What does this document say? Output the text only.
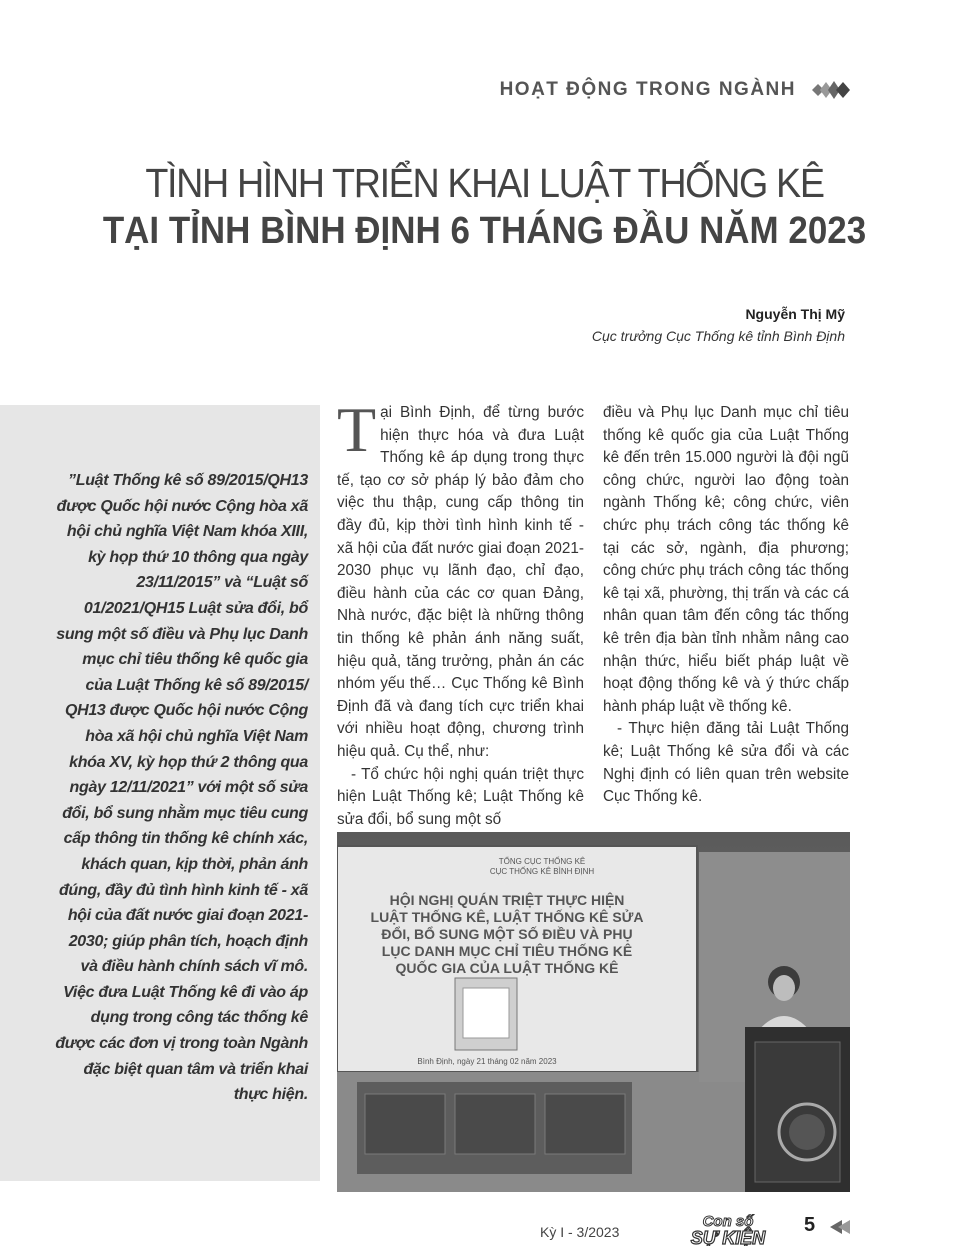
HOẠT ĐỘNG TRONG NGÀNH
TÌNH HÌNH TRIỂN KHAI LUẬT THỐNG KÊ
TẠI TỈNH BÌNH ĐỊNH 6 THÁNG ĐẦU NĂM 2023
Nguyễn Thị Mỹ
Cục trưởng Cục Thống kê tỉnh Bình Định
”Luật Thống kê số 89/2015/QH13 được Quốc hội nước Cộng hòa xã hội chủ nghĩa Việt Nam khóa XIII, kỳ họp thứ 10 thông qua ngày 23/11/2015” và “Luật số 01/2021/QH15 Luật sửa đổi, bổ sung một số điều và Phụ lục Danh mục chỉ tiêu thống kê quốc gia của Luật Thống kê số 89/2015/ QH13 được Quốc hội nước Cộng hòa xã hội chủ nghĩa Việt Nam khóa XV, kỳ họp thứ 2 thông qua ngày 12/11/2021” với một số sửa đổi, bổ sung nhằm mục tiêu cung cấp thông tin thống kê chính xác, khách quan, kịp thời, phản ánh đúng, đầy đủ tình hình kinh tế - xã hội của đất nước giai đoạn 2021-2030; giúp phân tích, hoạch định và điều hành chính sách vĩ mô. Việc đưa Luật Thống kê đi vào áp dụng trong công tác thống kê được các đơn vị trong toàn Ngành đặc biệt quan tâm và triển khai thực hiện.

Tại Bình Định, để từng bước hiện thực hóa và đưa Luật Thống kê áp dụng trong thực tế, tạo cơ sở pháp lý bảo đảm cho việc thu thập, cung cấp thông tin đầy đủ, kịp thời tình hình kinh tế - xã hội của đất nước giai đoạn 2021-2030 phục vụ lãnh đạo, chỉ đạo, điều hành của các cơ quan Đảng, Nhà nước, đặc biệt là những thông tin thống kê phản ánh năng suất, hiệu quả, tăng trưởng, phản án các nhóm yếu thế… Cục Thống kê Bình Định đã và đang tích cực triển khai với nhiều hoạt động, chương trình hiệu quả. Cụ thể, như:

- Tổ chức hội nghị quán triệt thực hiện Luật Thống kê; Luật Thống kê sửa đổi, bổ sung một số

điều và Phụ lục Danh mục chỉ tiêu thống kê quốc gia của Luật Thống kê đến trên 15.000 người là đội ngũ công chức, người lao động toàn ngành Thống kê; công chức, viên chức phụ trách công tác thống kê tại các sở, ngành, địa phương; công chức phụ trách công tác thống kê tại xã, phường, thị trấn và các cá nhân quan tâm đến công tác thống kê trên địa bàn tỉnh nhằm nâng cao nhận thức, hiểu biết pháp luật về hoạt động thống kê và ý thức chấp hành pháp luật về thống kê.

- Thực hiện đăng tải Luật Thống kê; Luật Thống kê sửa đổi và các Nghị định có liên quan trên website Cục Thống kê.

TỔNG CỤC THỐNG KÊ
CỤC THỐNG KÊ BÌNH ĐỊNH
HỘI NGHỊ QUÁN TRIỆT THỰC HIỆN
LUẬT THỐNG KÊ, LUẬT THỐNG KÊ SỬA
ĐỔI, BỔ SUNG MỘT SỐ ĐIỀU VÀ PHỤ
LỤC DANH MỤC CHỈ TIÊU THỐNG KÊ
QUỐC GIA CỦA LUẬT THỐNG KÊ
Bình Định, ngày 21 tháng 02 năm 2023
Kỳ I - 3/2023
Con số
SỰ KIỆN
5
